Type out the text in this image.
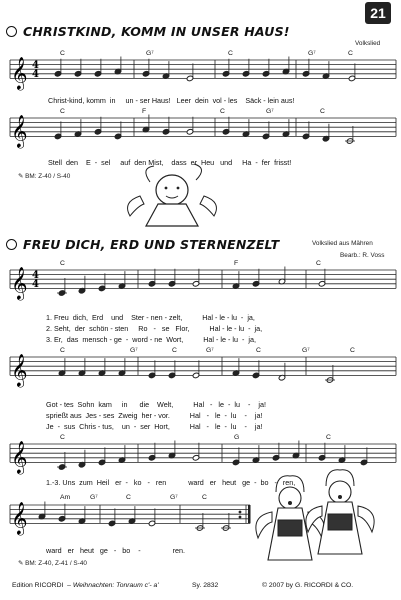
21
CHRISTKIND, KOMM IN UNSER HAUS!
Volkslied
C	G⁷	C	G⁷	C
Christ-kind, komm  in     un - ser Haus!   Leer  dein  vol - les    Säck - lein aus!
C	F	C	G⁷	C
Stell  den    E  -  sel     auf  den Mist,    dass  er  Heu   und     Ha  -  fer  frisst!
✎ BM: Z-40 / S-40
FREU DICH, ERD UND STERNENZELT	Volkslied aus Mähren
Bearb.: R. Voss
C	F	C
1. Freu  dich,  Erd    und    Ster - nen - zelt,          Hal - le - lu  -  ja,
2. Seht,  der  schön - sten     Ro   -   se   Flor,          Hal - le - lu  -  ja,
3. Er,  das  mensch - ge  -  word - ne  Wort,          Hal - le - lu  -  ja,
C	G⁷	C	G⁷	C	G⁷	C
Got - tes  Sohn  kam     in      die    Welt,          Hal   -   le  -  lu    -    ja!
spriеßt aus  Jes - ses  Zweig  her - vor.          Hal   -   le  -  lu    -    ja!
Je  -  sus  Chris - tus,    un  -  ser  Hort,          Hal   -   le  -  lu    -    ja!
C	G	C
1.-3. Uns  zum  Heil   er  -   ko   -   ren           ward   er   heut   ge  -  bo   -   ren,
Am	G⁷	C	G⁷	C
ward   er   heut   ge   -   bo    -                ren.
✎ BM: Z-40, Z-41 / S-40
Edition RICORDI  – Weihnachten: Tonraum c'- a'	Sy. 2832	© 2007 by G. RICORDI & CO.
𝄞 4
4
𝄞
𝄞 4
4
𝄞
𝄞
𝄞
